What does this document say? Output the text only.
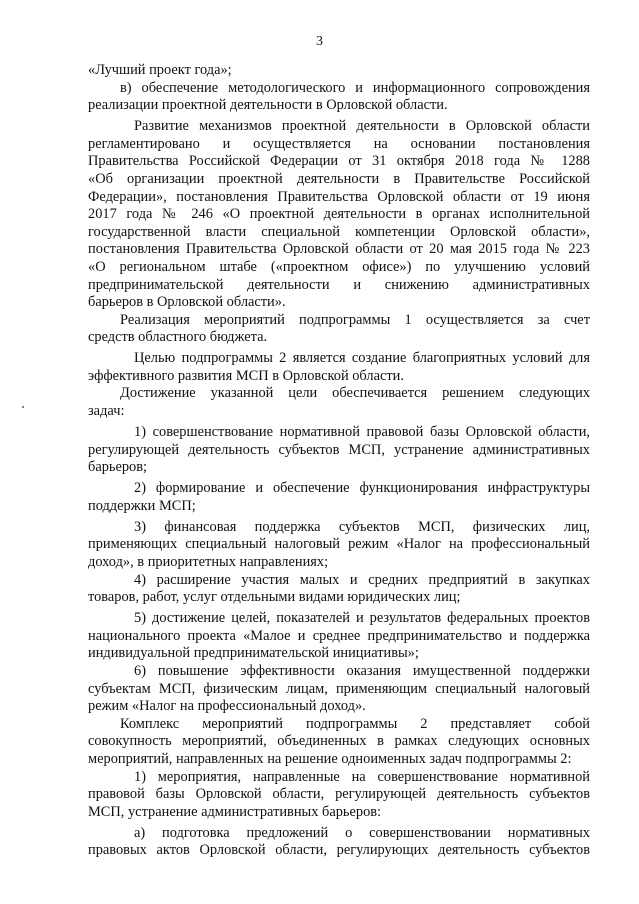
3
«Лучший проект года»;
в) обеспечение методологического и информационного сопровождения
реализации проектной деятельности в Орловской области.
Развитие механизмов проектной деятельности в Орловской области
регламентировано и осуществляется на основании постановления
Правительства Российской Федерации от 31 октября 2018 года № 1288
«Об организации проектной деятельности в Правительстве Российской
Федерации», постановления Правительства Орловской области от 19 июня
2017 года № 246 «О проектной деятельности в органах исполнительной
государственной власти специальной компетенции Орловской области»,
постановления Правительства Орловской области от 20 мая 2015 года № 223
«О региональном штабе («проектном офисе») по улучшению условий
предпринимательской деятельности и снижению административных
барьеров в Орловской области».
Реализация мероприятий подпрограммы 1 осуществляется за счет
средств областного бюджета.
Целью подпрограммы 2 является создание благоприятных условий для
эффективного развития МСП в Орловской области.
Достижение указанной цели обеспечивается решением следующих
задач:
1) совершенствование нормативной правовой базы Орловской области,
регулирующей деятельность субъектов МСП, устранение административных
барьеров;
2) формирование и обеспечение функционирования инфраструктуры
поддержки МСП;
3) финансовая поддержка субъектов МСП, физических лиц,
применяющих специальный налоговый режим «Налог на профессиональный
доход», в приоритетных направлениях;
4) расширение участия малых и средних предприятий в закупках
товаров, работ, услуг отдельными видами юридических лиц;
5) достижение целей, показателей и результатов федеральных проектов
национального проекта «Малое и среднее предпринимательство и поддержка
индивидуальной предпринимательской инициативы»;
6) повышение эффективности оказания имущественной поддержки
субъектам МСП, физическим лицам, применяющим специальный налоговый
режим «Налог на профессиональный доход».
Комплекс мероприятий подпрограммы 2 представляет собой
совокупность мероприятий, объединенных в рамках следующих основных
мероприятий, направленных на решение одноименных задач подпрограммы 2:
1) мероприятия, направленные на совершенствование нормативной
правовой базы Орловской области, регулирующей деятельность субъектов
МСП, устранение административных барьеров:
а) подготовка предложений о совершенствовании нормативных
правовых актов Орловской области, регулирующих деятельность субъектов
